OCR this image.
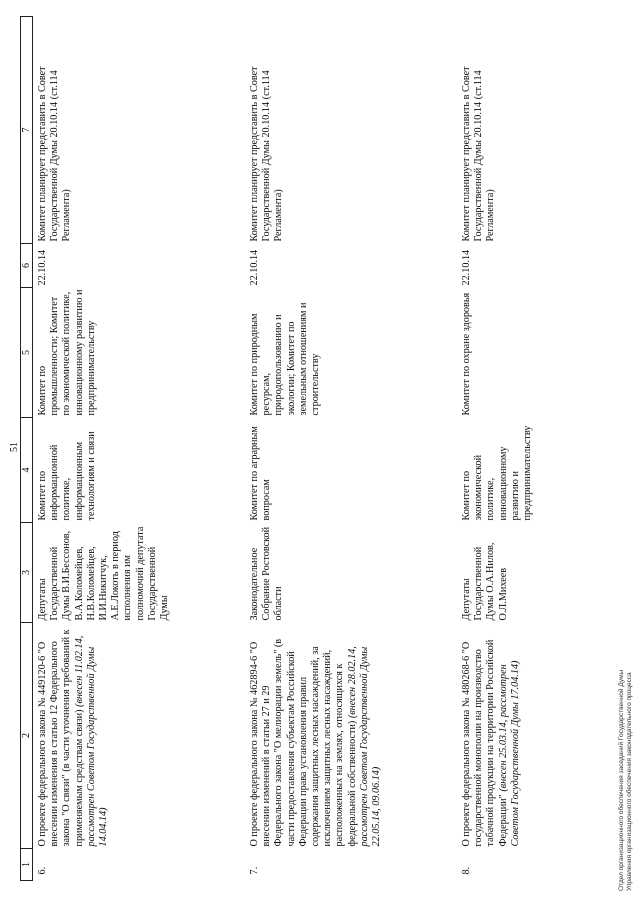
51
1	2	3	4	5	6	7
6.	О проекте федерального закона № 449120-6 "О внесении изменения в статью 12 Федерального закона "О связи" (в части уточнения требований к применяемым средствам связи) (внесен 11.02.14, рассмотрен Советом Государственной Думы 14.04.14)	Депутаты Государственной Думы В.И.Бессонов, В.А.Коломейцев, Н.В.Коломейцев, И.И.Никитчук, А.Е.Локоть в период исполнения им полномочий депутата Государственной Думы	Комитет по информационной политике, информационным технологиям и связи	Комитет по промышленности; Комитет по экономической политике, инновационному развитию и предпринимательству	22.10.14	Комитет планирует представить в Совет Государственной Думы 20.10.14 (ст.114 Регламента)
7.	О проекте федерального закона № 462894-6 "О внесении изменений в статьи 27 и 29 Федерального закона "О мелиорации земель" (в части предоставления субъектам Российской Федерации права установления правил содержания защитных лесных насаждений, за исключением защитных лесных насаждений, расположенных на землях, относящихся к федеральной собственности) (внесен 28.02.14, рассмотрен Советом Государственной Думы 22.05.14, 09.06.14)	Законодательное Собрание Ростовской области	Комитет по аграрным вопросам	Комитет по природным ресурсам, природопользованию и экологии; Комитет по земельным отношениям и строительству	22.10.14	Комитет планирует представить в Совет Государственной Думы 20.10.14 (ст.114 Регламента)
8.	О проекте федерального закона № 480268-6 "О государственной монополии на производство табачной продукции на территории Российской Федерации" (внесен 25.03.14, рассмотрен Советом Государственной Думы 17.04.14)	Депутаты Государственной Думы О.А.Нилов, О.Л.Михеев	Комитет по экономической политике, инновационному развитию и предпринимательству	Комитет по охране здоровья	22.10.14	Комитет планирует представить в Совет Государственной Думы 20.10.14 (ст.114 Регламента)
Отдел организационного обеспечения заседаний Государственной Думы Управления организационного обеспечения законодательного процесса
